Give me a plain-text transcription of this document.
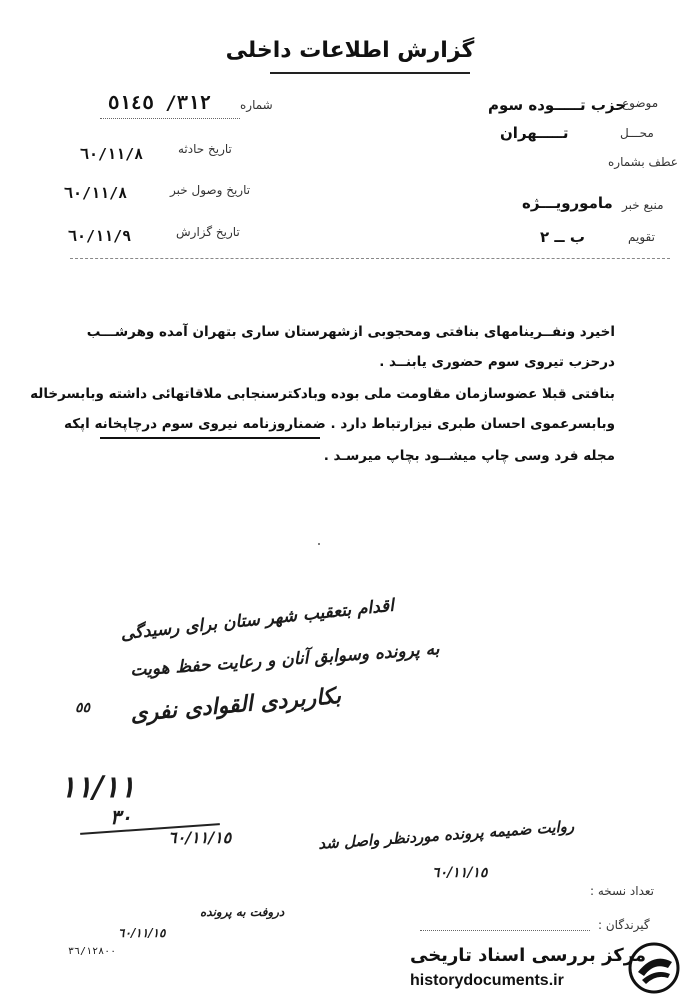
گزارش اطلاعات داخلی
شماره
٣١٢/ ٥١٤٥
تاریخ حادثه
٦٠/١١/٨
تاریخ وصول خبر
٦٠/١١/٨
تاریخ گزارش
٦٠/١١/٩
موضوع
حزب تـــــوده سوم
محـــل
تـــــهران
عطف بشماره
منبع خبر
مامورویـــژه
تقويم
ب ــ ٢
اخیرد ونفــرینامهای بنافتی ومحجوبی ازشهرستان ساری بتهران آمده وهرشـــب
درحزب تیروی سوم حضوری یابنــد .
بنافتی قبلا عضوسازمان مقاومت ملی بوده وبادکترسنجابی ملاقاتهائی داشته وبابسرخاله
وبابسرعموی احسان طبری نیزارتباط دارد . ضمناروزنامه نیروی سوم درچاپخانه اپکه
مجله فرد وسی چاپ میشــود بچاپ میرسـد .
اقدام بتعقیب شهر ستان برای رسیدگی
به پرونده وسوابق آنان و رعایت حفظ هویت
بکاربردی القوادی نفری
٥٥
١١/١١
٣٠
روایت ضمیمه پرونده موردنظر واصل شد
٦٠/١١/١٥
٦٠/١١/١٥
تعداد نسخه :
گیرندگان :
دروفت به پرونده
٦٠/١١/١٥
٣٦/١٢٨٠٠	مرکز بررسی اسناد تاریخی
historydocuments.ir
